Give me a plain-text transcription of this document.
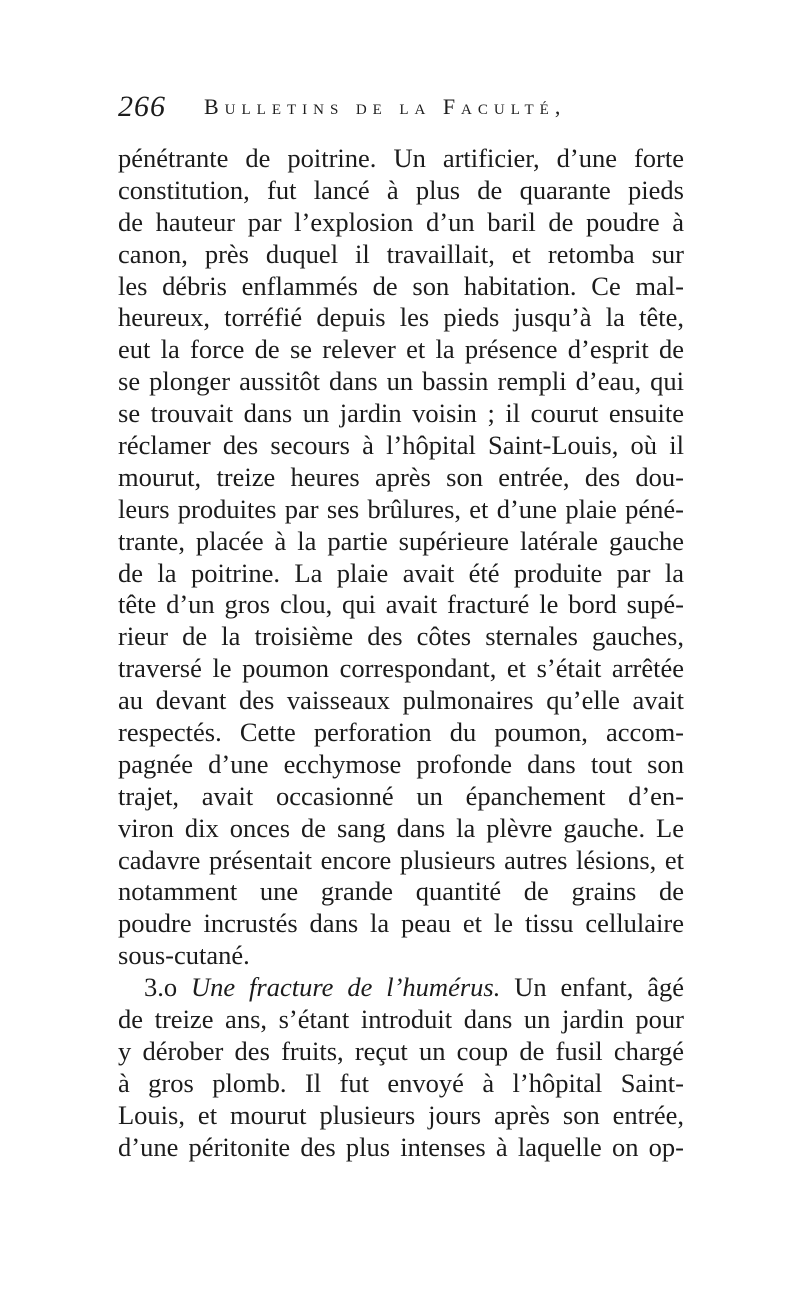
266 Bulletins de la Faculté,
pénétrante de poitrine. Un artificier, d’une forte
constitution, fut lancé à plus de quarante pieds
de hauteur par l’explosion d’un baril de poudre à
canon, près duquel il travaillait, et retomba sur
les débris enflammés de son habitation. Ce mal-
heureux, torréfié depuis les pieds jusqu’à la tête,
eut la force de se relever et la présence d’esprit de
se plonger aussitôt dans un bassin rempli d’eau, qui
se trouvait dans un jardin voisin ; il courut ensuite
réclamer des secours à l’hôpital Saint-Louis, où il
mourut, treize heures après son entrée, des dou-
leurs produites par ses brûlures, et d’une plaie péné-
trante, placée à la partie supérieure latérale gauche
de la poitrine. La plaie avait été produite par la
tête d’un gros clou, qui avait fracturé le bord supé-
rieur de la troisième des côtes sternales gauches,
traversé le poumon correspondant, et s’était arrêtée
au devant des vaisseaux pulmonaires qu’elle avait
respectés. Cette perforation du poumon, accom-
pagnée d’une ecchymose profonde dans tout son
trajet, avait occasionné un épanchement d’en-
viron dix onces de sang dans la plèvre gauche. Le
cadavre présentait encore plusieurs autres lésions, et
notamment une grande quantité de grains de
poudre incrustés dans la peau et le tissu cellulaire
sous-cutané.
3.o Une fracture de l’humérus. Un enfant, âgé
de treize ans, s’étant introduit dans un jardin pour
y dérober des fruits, reçut un coup de fusil chargé
à gros plomb. Il fut envoyé à l’hôpital Saint-
Louis, et mourut plusieurs jours après son entrée,
d’une péritonite des plus intenses à laquelle on op-
